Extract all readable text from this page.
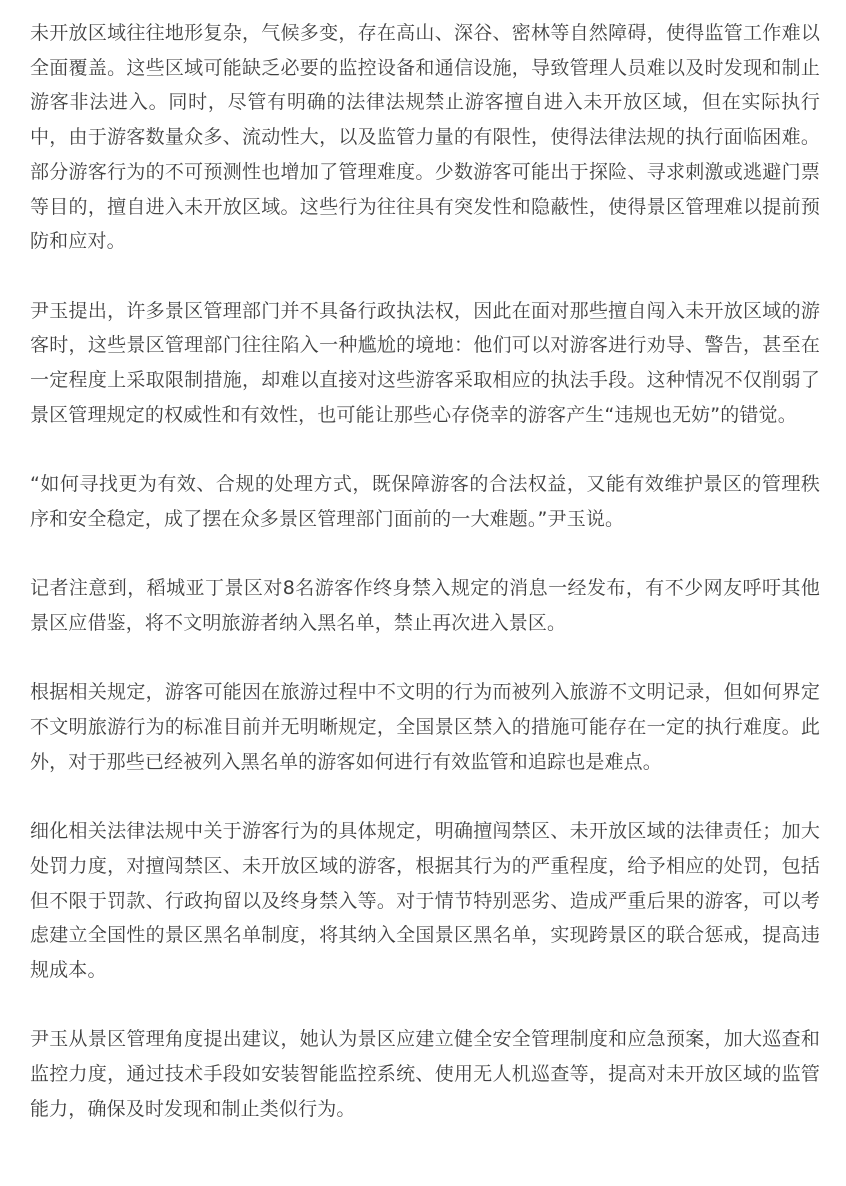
未开放区域往往地形复杂，气候多变，存在高山、深谷、密林等自然障碍，使得监管工作难以全面覆盖。这些区域可能缺乏必要的监控设备和通信设施，导致管理人员难以及时发现和制止游客非法进入。同时，尽管有明确的法律法规禁止游客擅自进入未开放区域，但在实际执行中，由于游客数量众多、流动性大，以及监管力量的有限性，使得法律法规的执行面临困难。部分游客行为的不可预测性也增加了管理难度。少数游客可能出于探险、寻求刺激或逃避门票等目的，擅自进入未开放区域。这些行为往往具有突发性和隐蔽性，使得景区管理难以提前预防和应对。

尹玉提出，许多景区管理部门并不具备行政执法权，因此在面对那些擅自闯入未开放区域的游客时，这些景区管理部门往往陷入一种尴尬的境地：他们可以对游客进行劝导、警告，甚至在一定程度上采取限制措施，却难以直接对这些游客采取相应的执法手段。这种情况不仅削弱了景区管理规定的权威性和有效性，也可能让那些心存侥幸的游客产生“违规也无妨”的错觉。

“如何寻找更为有效、合规的处理方式，既保障游客的合法权益，又能有效维护景区的管理秩序和安全稳定，成了摆在众多景区管理部门面前的一大难题。”尹玉说。

记者注意到，稻城亚丁景区对8名游客作终身禁入规定的消息一经发布，有不少网友呼吁其他景区应借鉴，将不文明旅游者纳入黑名单，禁止再次进入景区。

根据相关规定，游客可能因在旅游过程中不文明的行为而被列入旅游不文明记录，但如何界定不文明旅游行为的标准目前并无明晰规定，全国景区禁入的措施可能存在一定的执行难度。此外，对于那些已经被列入黑名单的游客如何进行有效监管和追踪也是难点。

细化相关法律法规中关于游客行为的具体规定，明确擅闯禁区、未开放区域的法律责任；加大处罚力度，对擅闯禁区、未开放区域的游客，根据其行为的严重程度，给予相应的处罚，包括但不限于罚款、行政拘留以及终身禁入等。对于情节特别恶劣、造成严重后果的游客，可以考虑建立全国性的景区黑名单制度，将其纳入全国景区黑名单，实现跨景区的联合惩戒，提高违规成本。

尹玉从景区管理角度提出建议，她认为景区应建立健全安全管理制度和应急预案，加大巡查和监控力度，通过技术手段如安装智能监控系统、使用无人机巡查等，提高对未开放区域的监管能力，确保及时发现和制止类似行为。
